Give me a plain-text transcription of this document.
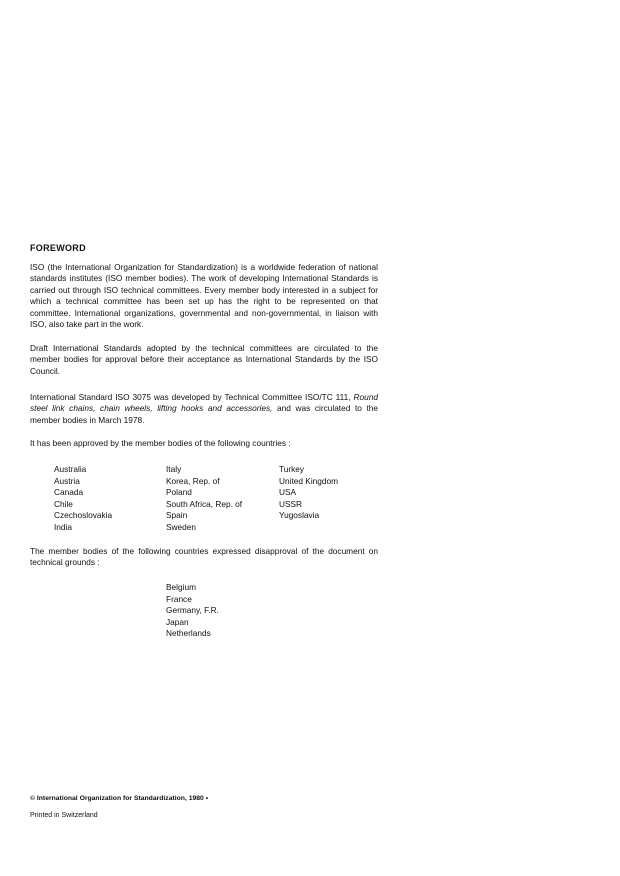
FOREWORD

ISO (the International Organization for Standardization) is a worldwide federation of national standards institutes (ISO member bodies). The work of developing International Standards is carried out through ISO technical committees. Every member body interested in a subject for which a technical committee has been set up has the right to be represented on that committee. International organizations, governmental and non-governmental, in liaison with ISO, also take part in the work.

Draft International Standards adopted by the technical committees are circulated to the member bodies for approval before their acceptance as International Standards by the ISO Council.

International Standard ISO 3075 was developed by Technical Committee ISO/TC 111, Round steel link chains, chain wheels, lifting hooks and accessories, and was circulated to the member bodies in March 1978.

It has been approved by the member bodies of the following countries :

Australia
Austria
Canada
Chile
Czechoslovakia
India
Italy
Korea, Rep. of
Poland
South Africa, Rep. of
Spain
Sweden
Turkey
United Kingdom
USA
USSR
Yugoslavia

The member bodies of the following countries expressed disapproval of the document on technical grounds :

Belgium
France
Germany, F.R.
Japan
Netherlands
© International Organization for Standardization, 1980 •
Printed in Switzerland
